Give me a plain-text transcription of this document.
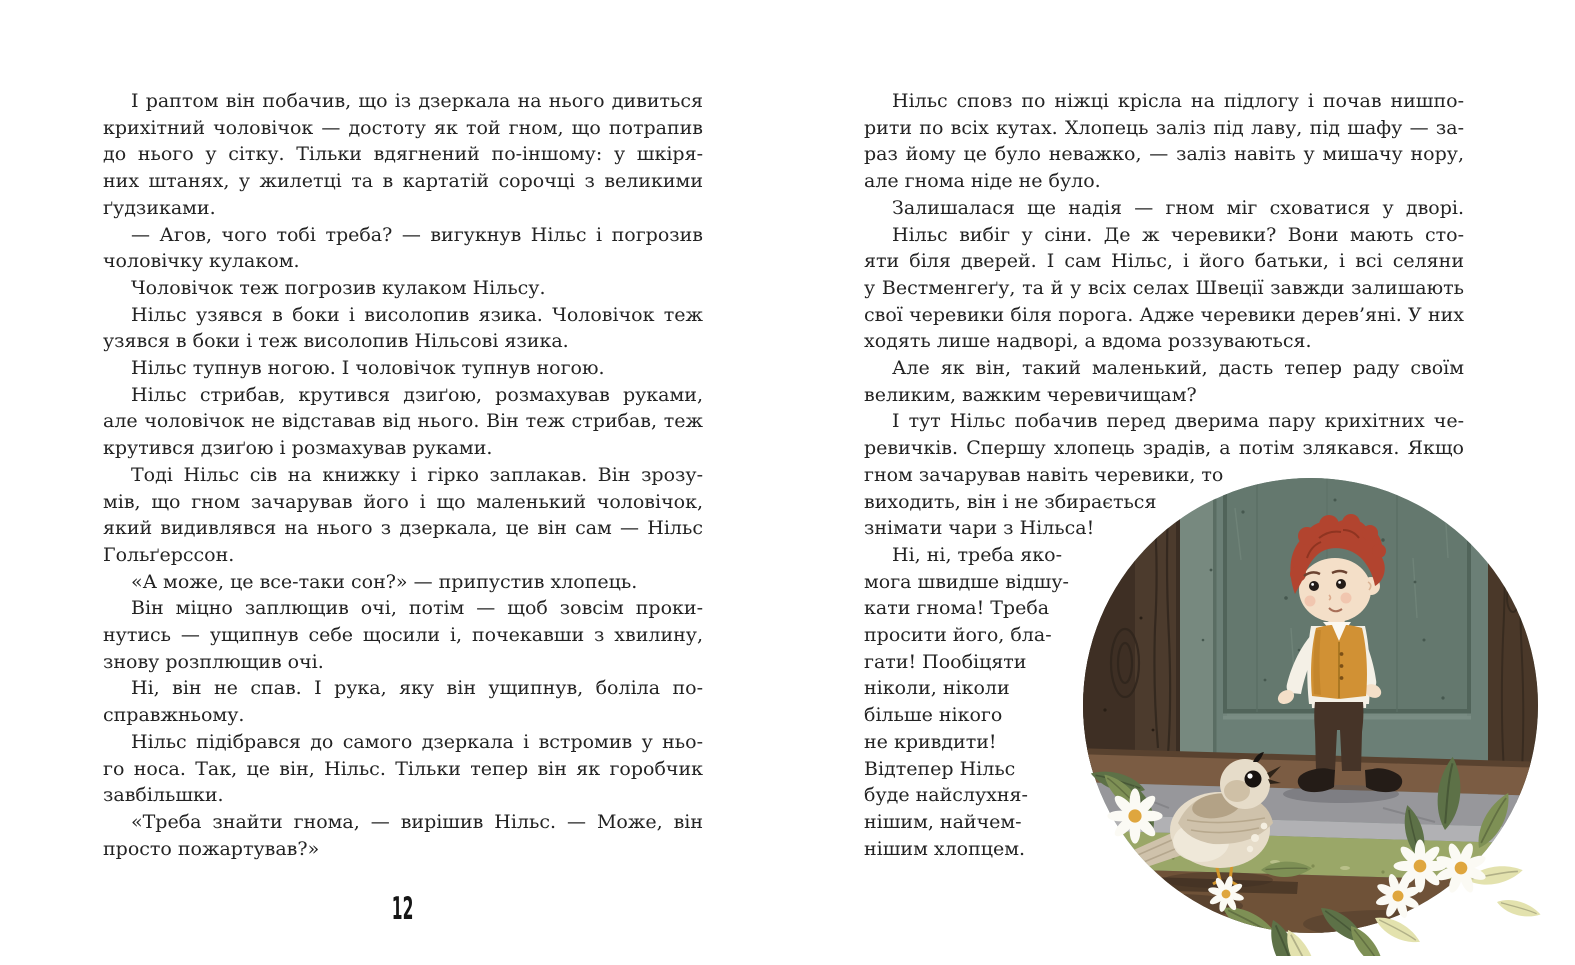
І раптом він побачив, що із дзеркала на нього дивиться
крихітний чоловічок — достоту як той гном, що потрапив
до нього у сітку. Тільки вдягнений по-іншому: у шкіря-
них штанях, у жилетці та в картатій сорочці з великими
ґудзиками.
— Агов, чого тобі треба? — вигукнув Нільс і погрозив
чоловічку кулаком.
Чоловічок теж погрозив кулаком Нільсу.
Нільс узявся в боки і висолопив язика. Чоловічок теж
узявся в боки і теж висолопив Нільсові язика.
Нільс тупнув ногою. І чоловічок тупнув ногою.
Нільс стрибав, крутився дзиґою, розмахував руками,
але чоловічок не відставав від нього. Він теж стрибав, теж
крутився дзиґою і розмахував руками.
Тоді Нільс сів на книжку і гірко заплакав. Він зрозу-
мів, що гном зачарував його і що маленький чоловічок,
який видивлявся на нього з дзеркала, це він сам — Нільс
Гольґерссон.
«А може, це все-таки сон?» — припустив хлопець.
Він міцно заплющив очі, потім — щоб зовсім проки-
нутись — ущипнув себе щосили і, почекавши з хвилину,
знову розплющив очі.
Ні, він не спав. І рука, яку він ущипнув, боліла по-
справжньому.
Нільс підібрався до самого дзеркала і встромив у ньо-
го носа. Так, це він, Нільс. Тільки тепер він як горобчик
завбільшки.
«Треба знайти гнома, — вирішив Нільс. — Може, він
просто пожартував?»
12
Нільс сповз по ніжці крісла на підлогу і почав нишпо-
рити по всіх кутах. Хлопець заліз під лаву, під шафу — за-
раз йому це було неважко, — заліз навіть у мишачу нору,
але гнома ніде не було.
Залишалася ще надія — гном міг сховатися у дворі.
Нільс вибіг у сіни. Де ж черевики? Вони мають сто-
яти біля дверей. І сам Нільс, і його батьки, і всі селяни
у Вестменгеґу, та й у всіх селах Швеції завжди залишають
свої черевики біля порога. Адже черевики дерев’яні. У них
ходять лише надворі, а вдома роззуваються.
Але як він, такий маленький, дасть тепер раду своїм
великим, важким черевичищам?
І тут Нільс побачив перед дверима пару крихітних че-
ревичків. Спершу хлопець зрадів, а потім злякався. Якщо
гном зачарував навіть черевики, то
виходить, він і не збирається
знімати чари з Нільса!
Ні, ні, треба яко-
мога швидше відшу-
кати гнома! Треба
просити його, бла-
гати! Пообіцяти
ніколи, ніколи
більше нікого
не кривдити!
Відтепер Нільс
буде найслухня-
нішим, найчем-
нішим хлопцем.
